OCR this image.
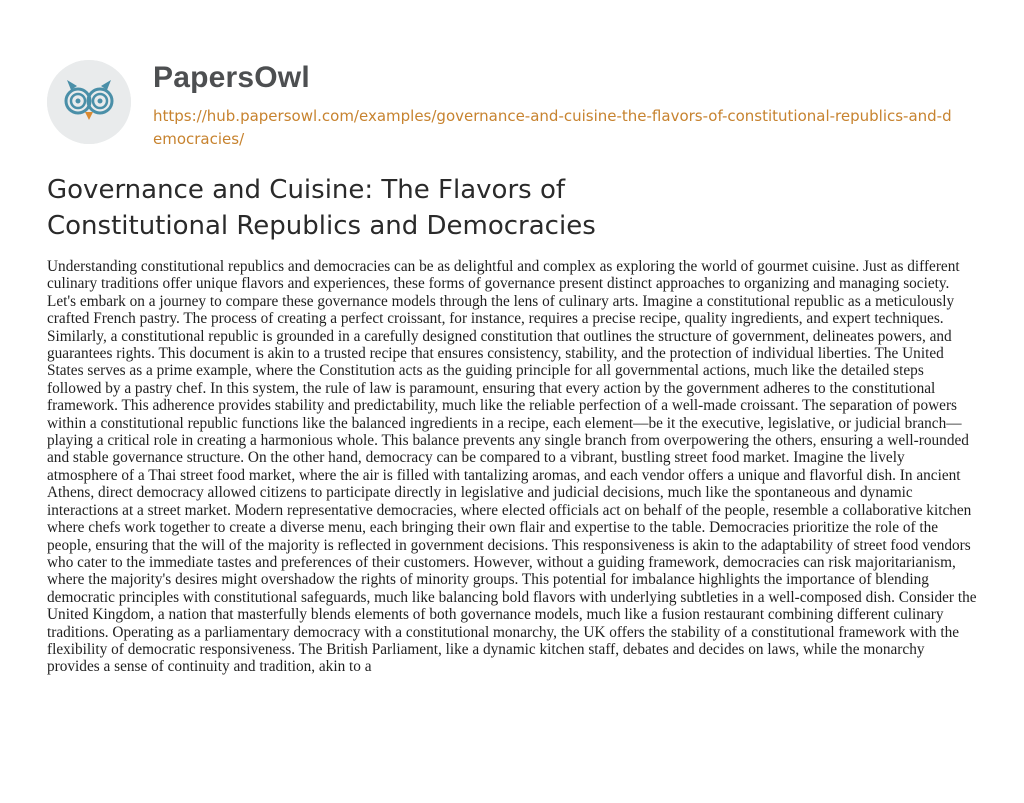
PapersOwl
https://hub.papersowl.com/examples/governance-and-cuisine-the-flavors-of-constitutional-republics-and-democracies/
Governance and Cuisine: The Flavors of Constitutional Republics and Democracies

Understanding constitutional republics and democracies can be as delightful and complex as exploring the world of gourmet cuisine. Just as different culinary traditions offer unique flavors and experiences, these forms of governance present distinct approaches to organizing and managing society. Let's embark on a journey to compare these governance models through the lens of culinary arts. Imagine a constitutional republic as a meticulously crafted French pastry. The process of creating a perfect croissant, for instance, requires a precise recipe, quality ingredients, and expert techniques. Similarly, a constitutional republic is grounded in a carefully designed constitution that outlines the structure of government, delineates powers, and guarantees rights. This document is akin to a trusted recipe that ensures consistency, stability, and the protection of individual liberties. The United States serves as a prime example, where the Constitution acts as the guiding principle for all governmental actions, much like the detailed steps followed by a pastry chef. In this system, the rule of law is paramount, ensuring that every action by the government adheres to the constitutional framework. This adherence provides stability and predictability, much like the reliable perfection of a well-made croissant. The separation of powers within a constitutional republic functions like the balanced ingredients in a recipe, each element—be it the executive, legislative, or judicial branch—playing a critical role in creating a harmonious whole. This balance prevents any single branch from overpowering the others, ensuring a well-rounded and stable governance structure. On the other hand, democracy can be compared to a vibrant, bustling street food market. Imagine the lively atmosphere of a Thai street food market, where the air is filled with tantalizing aromas, and each vendor offers a unique and flavorful dish. In ancient Athens, direct democracy allowed citizens to participate directly in legislative and judicial decisions, much like the spontaneous and dynamic interactions at a street market. Modern representative democracies, where elected officials act on behalf of the people, resemble a collaborative kitchen where chefs work together to create a diverse menu, each bringing their own flair and expertise to the table. Democracies prioritize the role of the people, ensuring that the will of the majority is reflected in government decisions. This responsiveness is akin to the adaptability of street food vendors who cater to the immediate tastes and preferences of their customers. However, without a guiding framework, democracies can risk majoritarianism, where the majority's desires might overshadow the rights of minority groups. This potential for imbalance highlights the importance of blending democratic principles with constitutional safeguards, much like balancing bold flavors with underlying subtleties in a well-composed dish. Consider the United Kingdom, a nation that masterfully blends elements of both governance models, much like a fusion restaurant combining different culinary traditions. Operating as a parliamentary democracy with a constitutional monarchy, the UK offers the stability of a constitutional framework with the flexibility of democratic responsiveness. The British Parliament, like a dynamic kitchen staff, debates and decides on laws, while the monarchy provides a sense of continuity and tradition, akin to a
